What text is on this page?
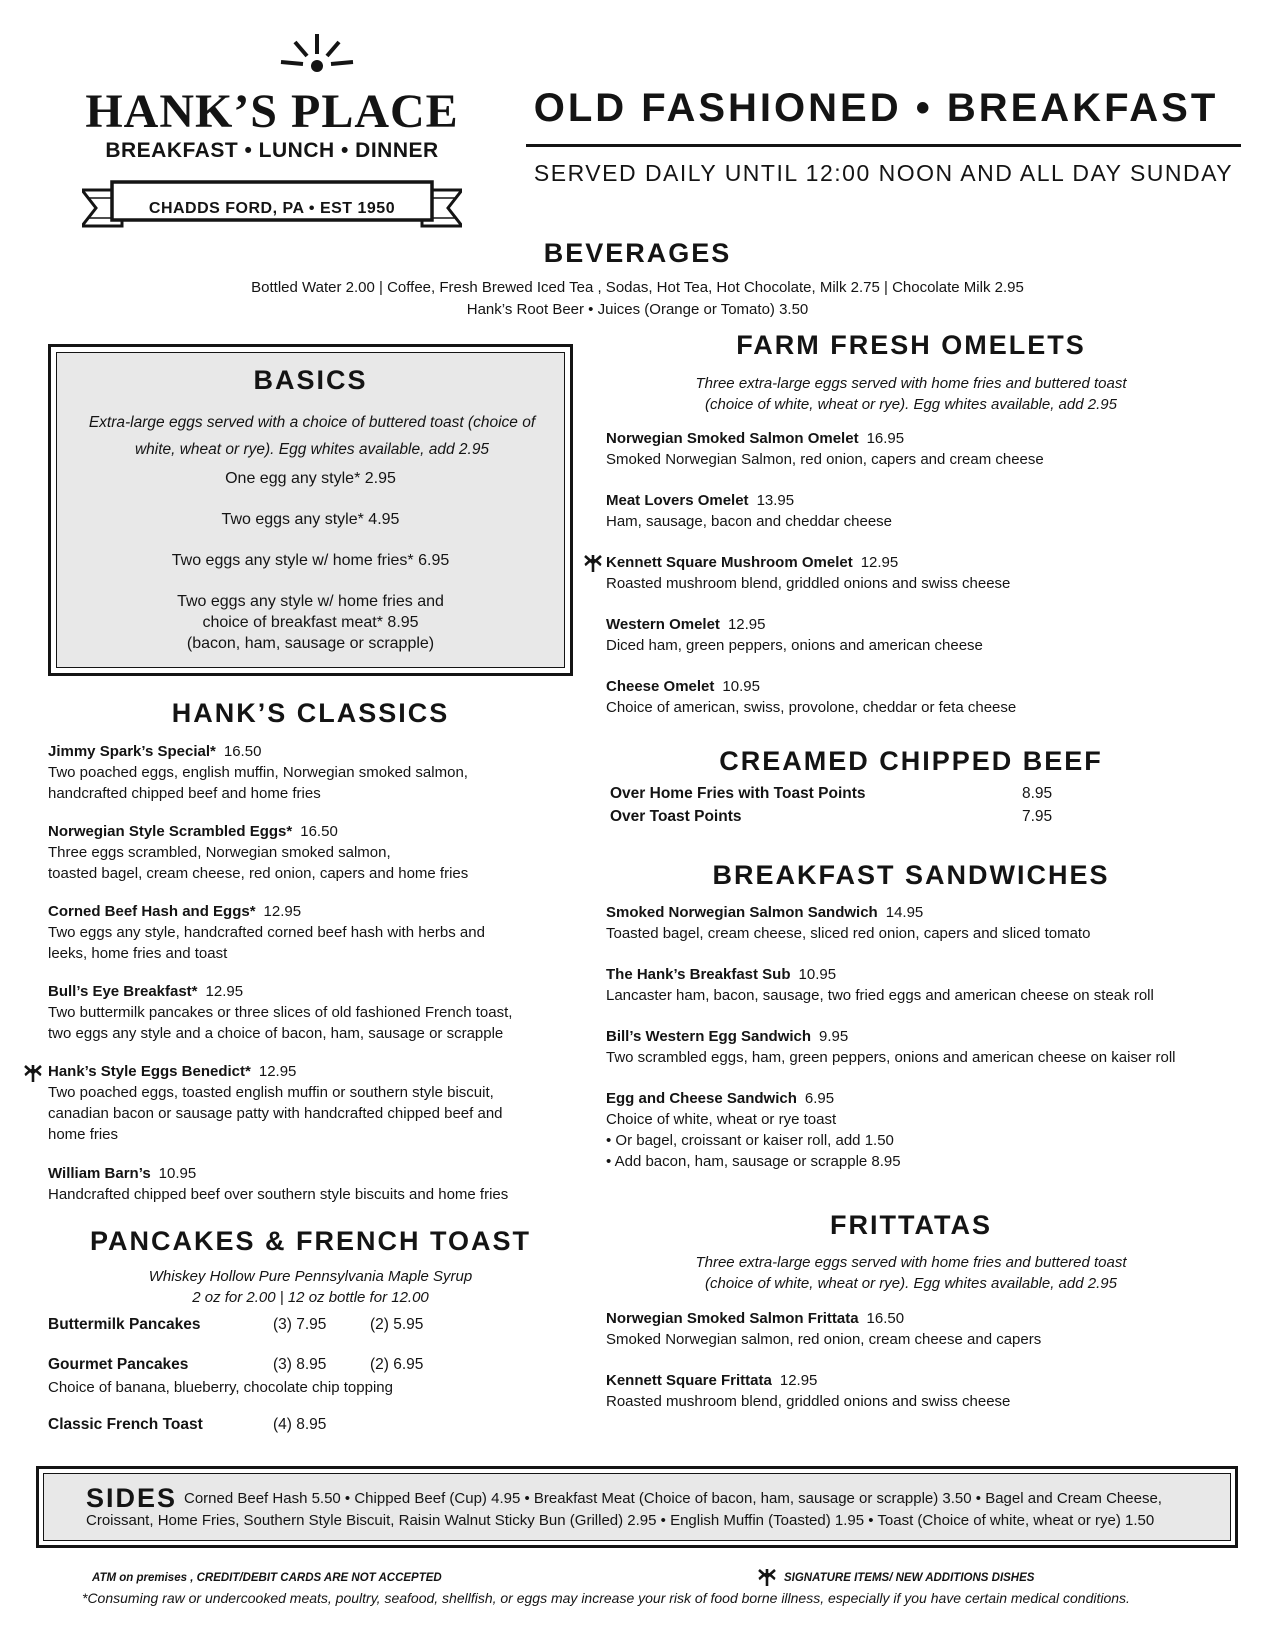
HANK’S PLACE
BREAKFAST • LUNCH • DINNER
CHADDS FORD, PA • EST 1950
OLD FASHIONED • BREAKFAST
SERVED DAILY UNTIL 12:00 NOON AND ALL DAY SUNDAY
BEVERAGES
Bottled Water 2.00 | Coffee, Fresh Brewed Iced Tea , Sodas, Hot Tea, Hot Chocolate, Milk 2.75 | Chocolate Milk 2.95
Hank’s Root Beer • Juices (Orange or Tomato) 3.50
BASICS
Extra-large eggs served with a choice of buttered toast (choice of white, wheat or rye). Egg whites available, add 2.95
One egg any style* 2.95
Two eggs any style* 4.95
Two eggs any style w/ home fries* 6.95
Two eggs any style w/ home fries and
choice of breakfast meat* 8.95
(bacon, ham, sausage or scrapple)
HANK’S CLASSICS
Jimmy Spark’s Special* 16.50
Two poached eggs, english muffin, Norwegian smoked salmon,
handcrafted chipped beef and home fries
Norwegian Style Scrambled Eggs* 16.50
Three eggs scrambled, Norwegian smoked salmon,
toasted bagel, cream cheese, red onion, capers and home fries
Corned Beef Hash and Eggs* 12.95
Two eggs any style, handcrafted corned beef hash with herbs and
leeks, home fries and toast
Bull’s Eye Breakfast* 12.95
Two buttermilk pancakes or three slices of old fashioned French toast,
two eggs any style and a choice of bacon, ham, sausage or scrapple
Hank’s Style Eggs Benedict* 12.95
Two poached eggs, toasted english muffin or southern style biscuit,
canadian bacon or sausage patty with handcrafted chipped beef and
home fries
William Barn’s 10.95
Handcrafted chipped beef over southern style biscuits and home fries
PANCAKES & FRENCH TOAST
Whiskey Hollow Pure Pennsylvania Maple Syrup
2 oz for 2.00 | 12 oz bottle for 12.00
Buttermilk Pancakes	(3) 7.95	(2) 5.95
Gourmet Pancakes	(3) 8.95	(2) 6.95
Choice of banana, blueberry, chocolate chip topping
Classic French Toast	(4) 8.95
FARM FRESH OMELETS
Three extra-large eggs served with home fries and buttered toast
(choice of white, wheat or rye). Egg whites available, add 2.95
Norwegian Smoked Salmon Omelet 16.95
Smoked Norwegian Salmon, red onion, capers and cream cheese
Meat Lovers Omelet 13.95
Ham, sausage, bacon and cheddar cheese
Kennett Square Mushroom Omelet 12.95
Roasted mushroom blend, griddled onions and swiss cheese
Western Omelet 12.95
Diced ham, green peppers, onions and american cheese
Cheese Omelet 10.95
Choice of american, swiss, provolone, cheddar or feta cheese
CREAMED CHIPPED BEEF
Over Home Fries with Toast Points	8.95
Over Toast Points	7.95
BREAKFAST SANDWICHES
Smoked Norwegian Salmon Sandwich 14.95
Toasted bagel, cream cheese, sliced red onion, capers and sliced tomato
The Hank’s Breakfast Sub 10.95
Lancaster ham, bacon, sausage, two fried eggs and american cheese on steak roll
Bill’s Western Egg Sandwich 9.95
Two scrambled eggs, ham, green peppers, onions and american cheese on kaiser roll
Egg and Cheese Sandwich 6.95
Choice of white, wheat or rye toast
• Or bagel, croissant or kaiser roll, add 1.50
• Add bacon, ham, sausage or scrapple 8.95
FRITTATAS
Three extra-large eggs served with home fries and buttered toast
(choice of white, wheat or rye). Egg whites available, add 2.95
Norwegian Smoked Salmon Frittata 16.50
Smoked Norwegian salmon, red onion, cream cheese and capers
Kennett Square Frittata 12.95
Roasted mushroom blend, griddled onions and swiss cheese
SIDES Corned Beef Hash 5.50 • Chipped Beef (Cup) 4.95 • Breakfast Meat (Choice of bacon, ham, sausage or scrapple) 3.50 • Bagel and Cream Cheese,
Croissant, Home Fries, Southern Style Biscuit, Raisin Walnut Sticky Bun (Grilled) 2.95 • English Muffin (Toasted) 1.95 • Toast (Choice of white, wheat or rye) 1.50
ATM on premises , CREDIT/DEBIT CARDS ARE NOT ACCEPTED	SIGNATURE ITEMS/ NEW ADDITIONS DISHES
*Consuming raw or undercooked meats, poultry, seafood, shellfish, or eggs may increase your risk of food borne illness, especially if you have certain medical conditions.
